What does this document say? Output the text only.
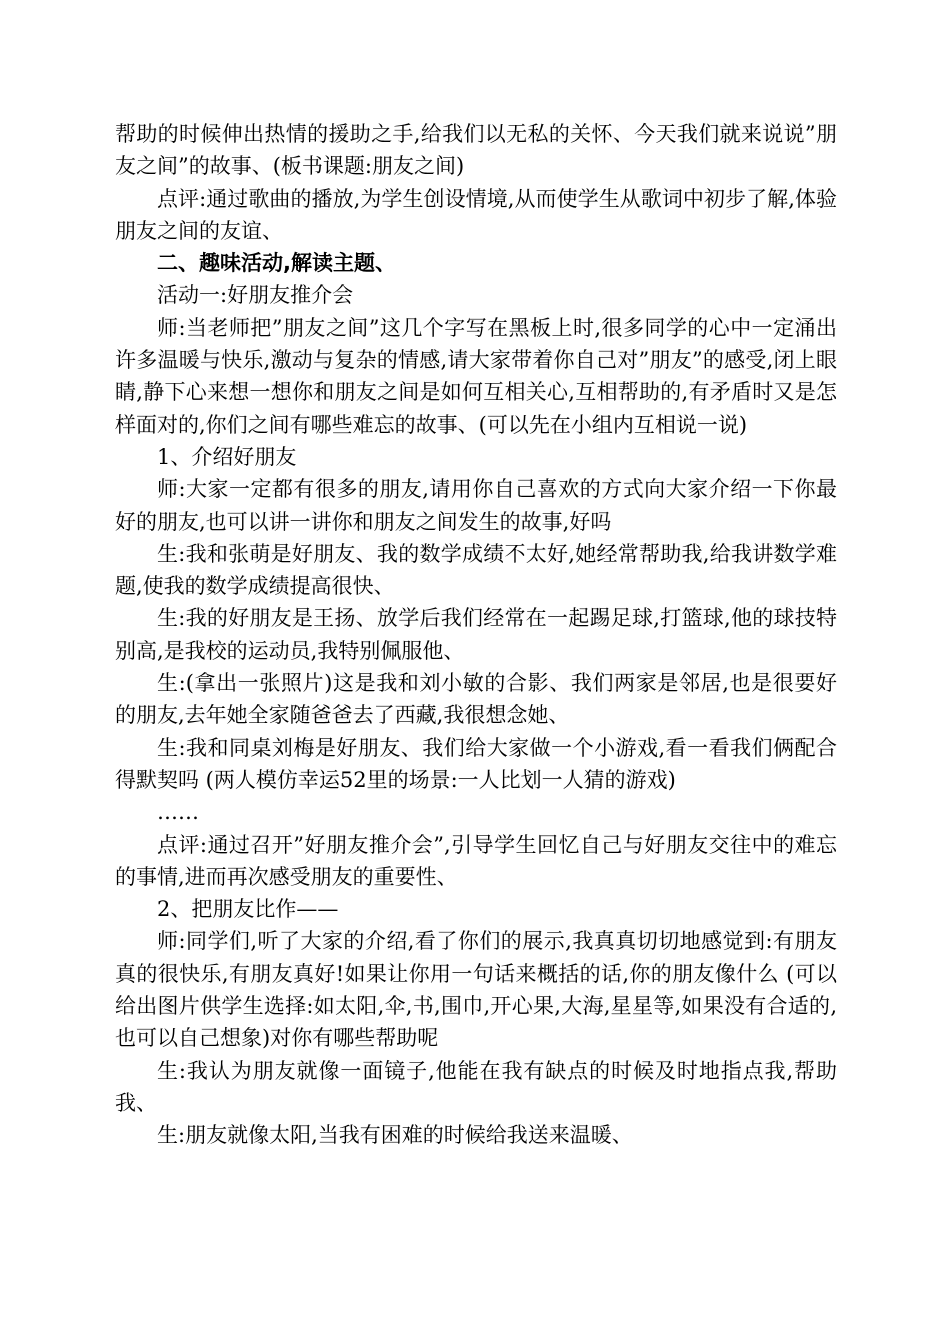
帮助的时候伸出热情的援助之手,给我们以无私的关怀、今天我们就来说说”朋友之间”的故事、(板书课题:朋友之间)

点评:通过歌曲的播放,为学生创设情境,从而使学生从歌词中初步了解,体验朋友之间的友谊、

二、趣味活动,解读主题、

活动一:好朋友推介会

师:当老师把”朋友之间”这几个字写在黑板上时,很多同学的心中一定涌出许多温暖与快乐,激动与复杂的情感,请大家带着你自己对”朋友”的感受,闭上眼睛,静下心来想一想你和朋友之间是如何互相关心,互相帮助的,有矛盾时又是怎样面对的,你们之间有哪些难忘的故事、(可以先在小组内互相说一说)

1、介绍好朋友

师:大家一定都有很多的朋友,请用你自己喜欢的方式向大家介绍一下你最好的朋友,也可以讲一讲你和朋友之间发生的故事,好吗

生:我和张萌是好朋友、我的数学成绩不太好,她经常帮助我,给我讲数学难题,使我的数学成绩提高很快、

生:我的好朋友是王扬、放学后我们经常在一起踢足球,打篮球,他的球技特别高,是我校的运动员,我特别佩服他、

生:(拿出一张照片)这是我和刘小敏的合影、我们两家是邻居,也是很要好的朋友,去年她全家随爸爸去了西藏,我很想念她、

生:我和同桌刘梅是好朋友、我们给大家做一个小游戏,看一看我们俩配合得默契吗 (两人模仿幸运52里的场景:一人比划一人猜的游戏)

……

点评:通过召开”好朋友推介会”,引导学生回忆自己与好朋友交往中的难忘的事情,进而再次感受朋友的重要性、

2、把朋友比作——

师:同学们,听了大家的介绍,看了你们的展示,我真真切切地感觉到:有朋友真的很快乐,有朋友真好!如果让你用一句话来概括的话,你的朋友像什么 (可以给出图片供学生选择:如太阳,伞,书,围巾,开心果,大海,星星等,如果没有合适的,也可以自己想象)对你有哪些帮助呢

生:我认为朋友就像一面镜子,他能在我有缺点的时候及时地指点我,帮助我、

生:朋友就像太阳,当我有困难的时候给我送来温暖、
